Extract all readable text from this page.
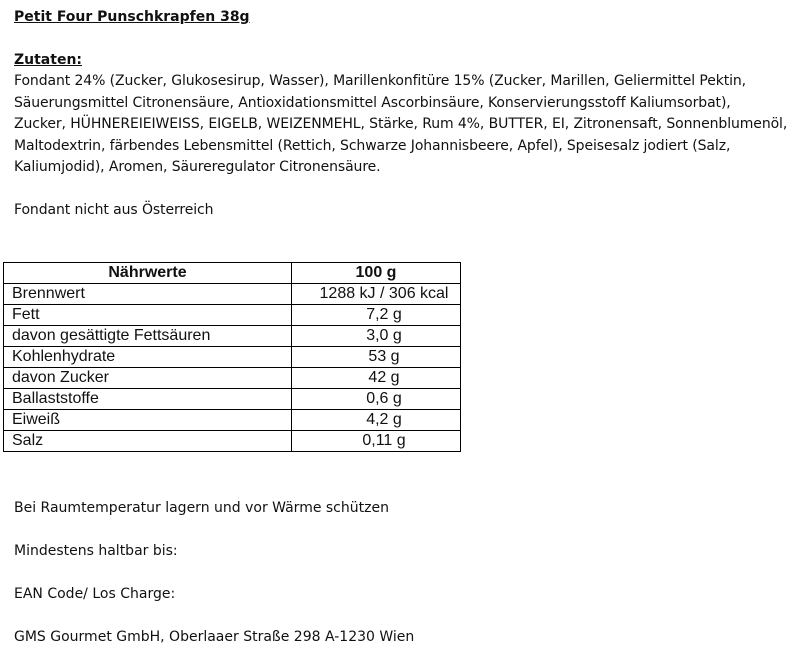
Petit Four Punschkrapfen 38g
Zutaten:
Fondant 24% (Zucker, Glukosesirup, Wasser), Marillenkonfitüre 15% (Zucker, Marillen, Geliermittel Pektin,
Säuerungsmittel Citronensäure, Antioxidationsmittel Ascorbinsäure, Konservierungsstoff Kaliumsorbat),
Zucker, HÜHNEREIEIWEISS, EIGELB, WEIZENMEHL, Stärke, Rum 4%, BUTTER, EI, Zitronensaft, Sonnenblumenöl,
Maltodextrin, färbendes Lebensmittel (Rettich, Schwarze Johannisbeere, Apfel), Speisesalz jodiert (Salz,
Kaliumjodid), Aromen, Säureregulator Citronensäure.
Fondant nicht aus Österreich
Nährwerte	100 g
Brennwert	1288 kJ / 306 kcal
Fett	7,2 g
davon gesättigte Fettsäuren	3,0 g
Kohlenhydrate	53 g
davon Zucker	42 g
Ballaststoffe	0,6 g
Eiweiß	4,2 g
Salz	0,11 g
Bei Raumtemperatur lagern und vor Wärme schützen
Mindestens haltbar bis:
EAN Code/ Los Charge:
GMS Gourmet GmbH, Oberlaaer Straße 298 A-1230 Wien
